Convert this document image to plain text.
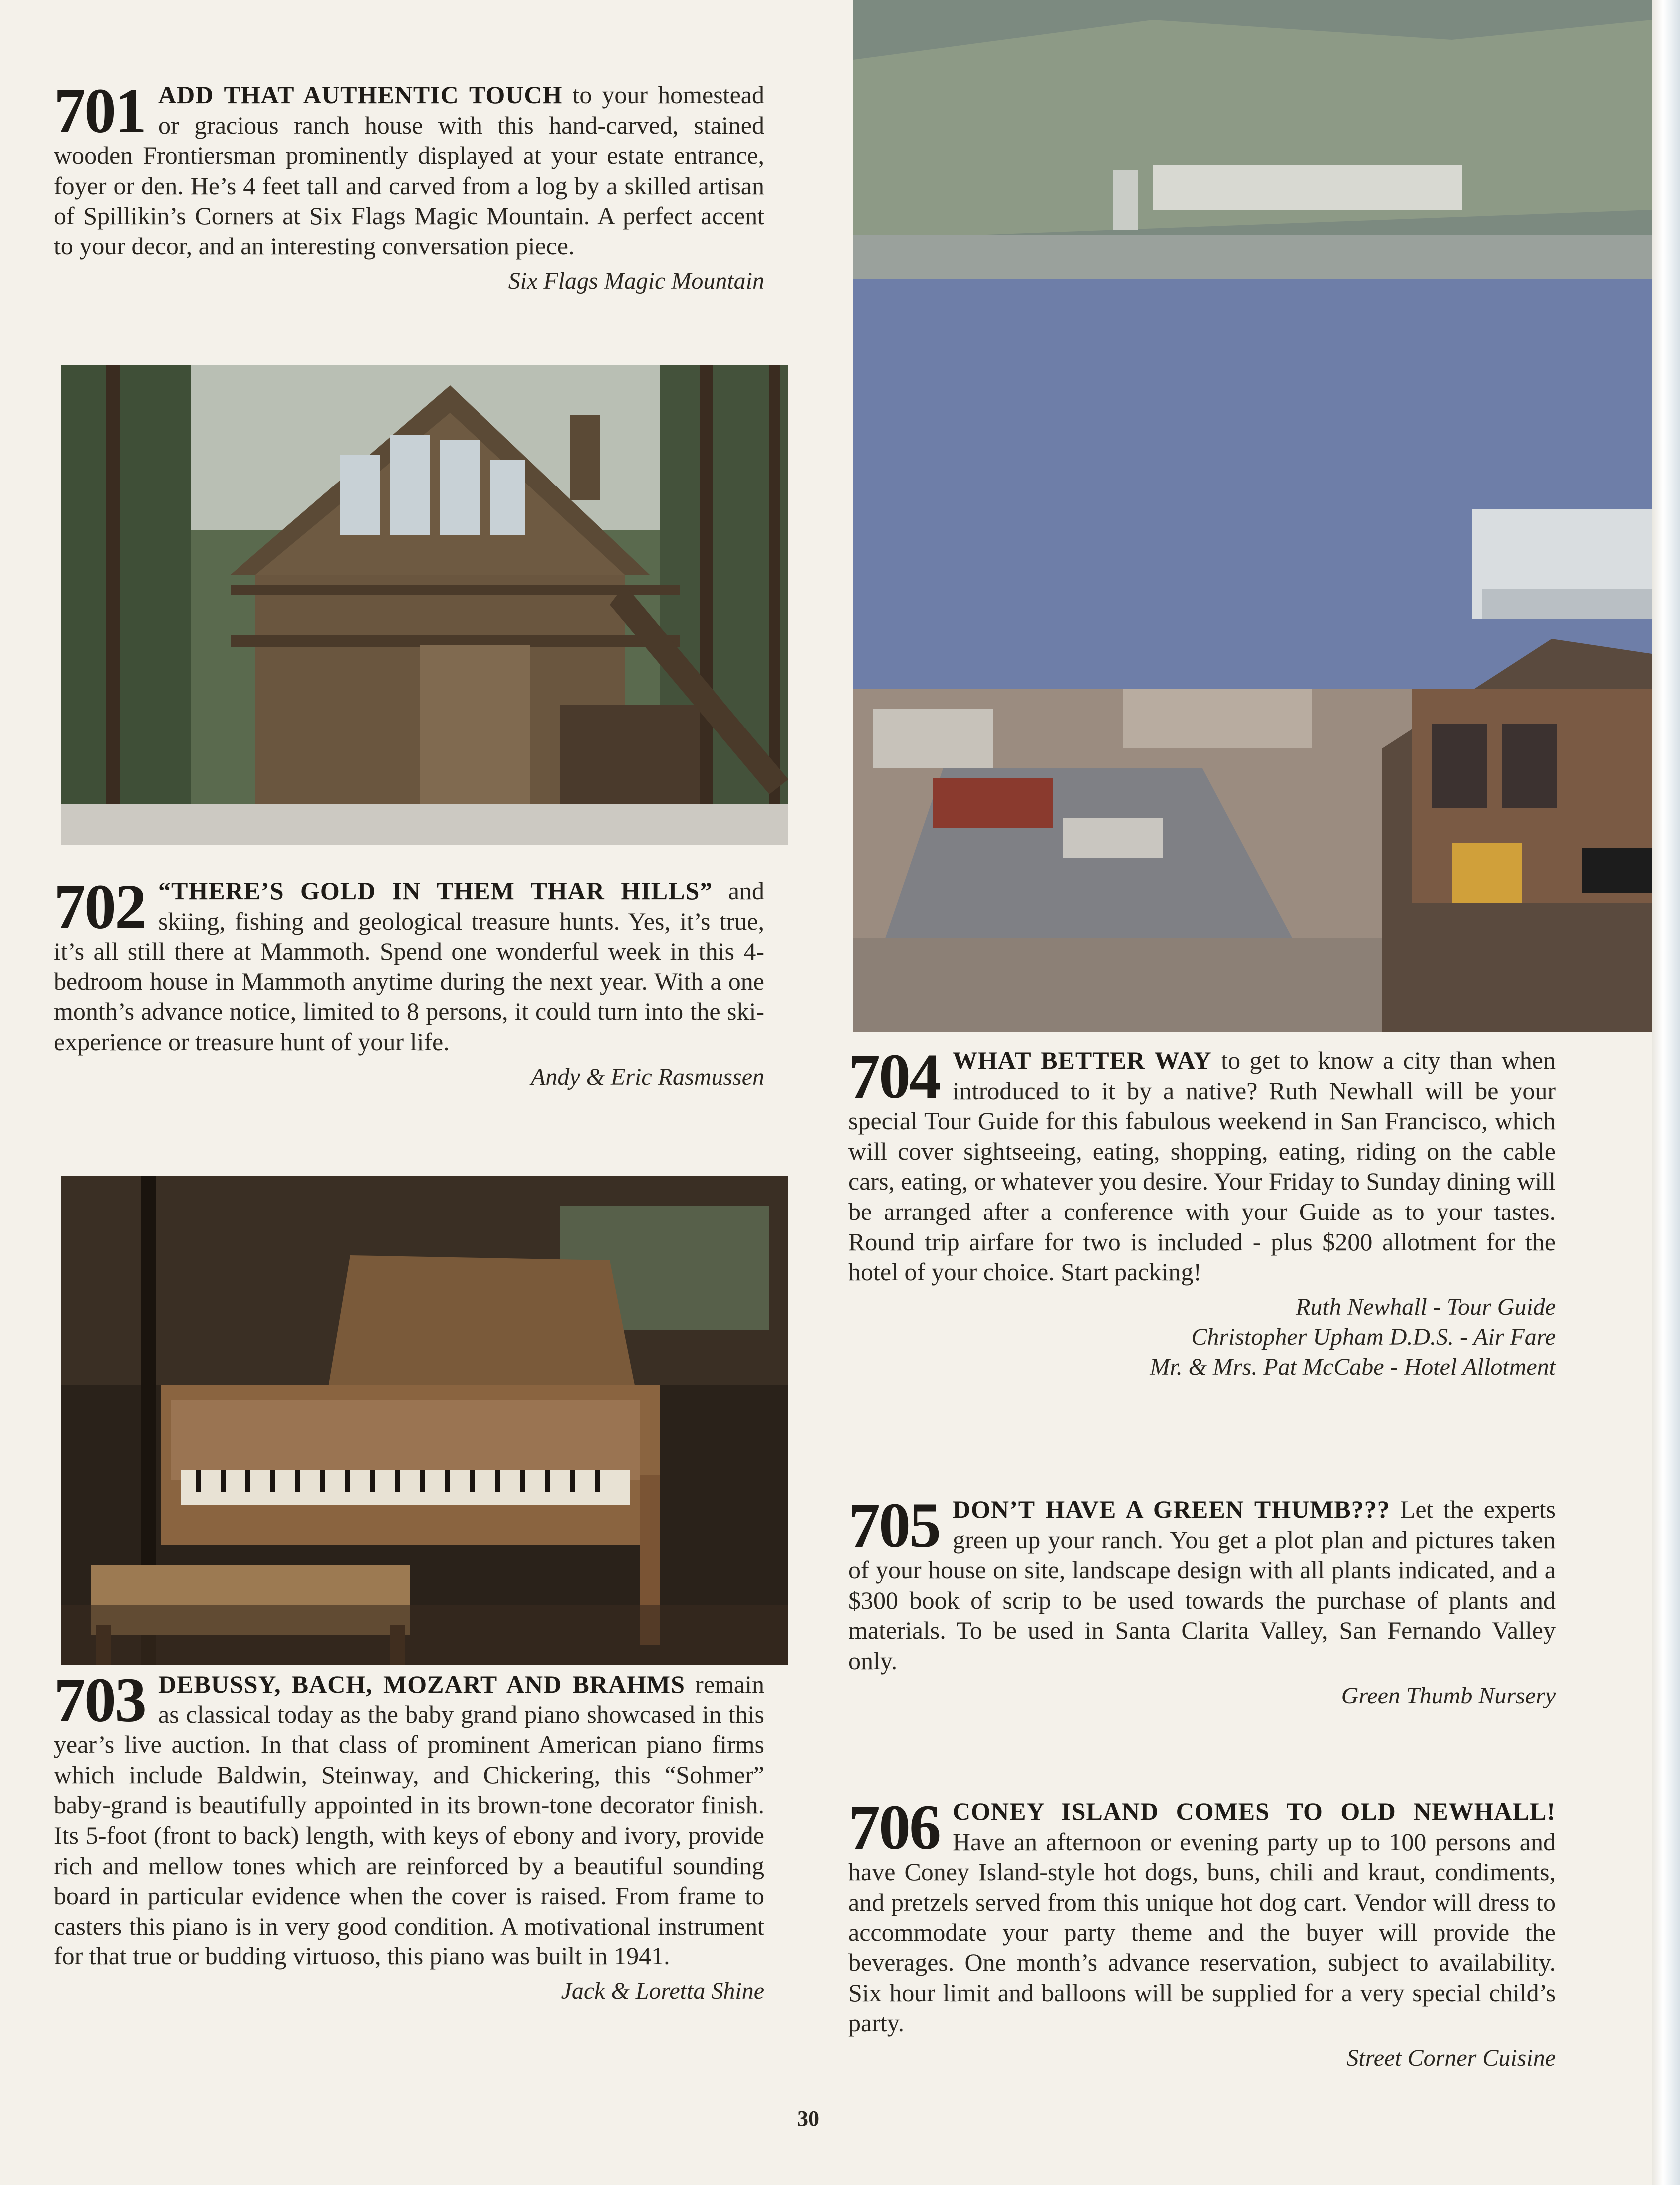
701 ADD THAT AUTHENTIC TOUCH to your homestead or gracious ranch house with this hand-carved, stained wooden Frontiersman prominently displayed at your estate entrance, foyer or den. He’s 4 feet tall and carved from a log by a skilled artisan of Spillikin’s Corners at Six Flags Magic Mountain. A perfect accent to your decor, and an interesting conversation piece.

Six Flags Magic Mountain
702 “THERE’S GOLD IN THEM THAR HILLS” and skiing, fishing and geological treasure hunts. Yes, it’s true, it’s all still there at Mammoth. Spend one wonderful week in this 4-bedroom house in Mammoth anytime during the next year. With a one month’s advance notice, limited to 8 persons, it could turn into the ski-experience or treasure hunt of your life.

Andy & Eric Rasmussen
703 DEBUSSY, BACH, MOZART AND BRAHMS remain as classical today as the baby grand piano showcased in this year’s live auction. In that class of prominent American piano firms which include Baldwin, Steinway, and Chickering, this “Sohmer” baby-grand is beautifully appointed in its brown-tone decorator finish. Its 5-foot (front to back) length, with keys of ebony and ivory, provide rich and mellow tones which are reinforced by a beautiful sounding board in particular evidence when the cover is raised. From frame to casters this piano is in very good condition. A motivational instrument for that true or budding virtuoso, this piano was built in 1941.

Jack & Loretta Shine
704 WHAT BETTER WAY to get to know a city than when introduced to it by a native? Ruth Newhall will be your special Tour Guide for this fabulous weekend in San Francisco, which will cover sightseeing, eating, shopping, eating, riding on the cable cars, eating, or whatever you desire. Your Friday to Sunday dining will be arranged after a conference with your Guide as to your tastes. Round trip airfare for two is included - plus $200 allotment for the hotel of your choice. Start packing!

Ruth Newhall - Tour Guide
Christopher Upham D.D.S. - Air Fare
Mr. & Mrs. Pat McCabe - Hotel Allotment
705 DON’T HAVE A GREEN THUMB??? Let the experts green up your ranch. You get a plot plan and pictures taken of your house on site, landscape design with all plants indicated, and a $300 book of scrip to be used towards the purchase of plants and materials. To be used in Santa Clarita Valley, San Fernando Valley only.

Green Thumb Nursery
706 CONEY ISLAND COMES TO OLD NEWHALL! Have an afternoon or evening party up to 100 persons and have Coney Island-style hot dogs, buns, chili and kraut, condiments, and pretzels served from this unique hot dog cart. Vendor will dress to accommodate your party theme and the buyer will provide the beverages. One month’s advance reservation, subject to availability. Six hour limit and balloons will be supplied for a very special child’s party.

Street Corner Cuisine
30
